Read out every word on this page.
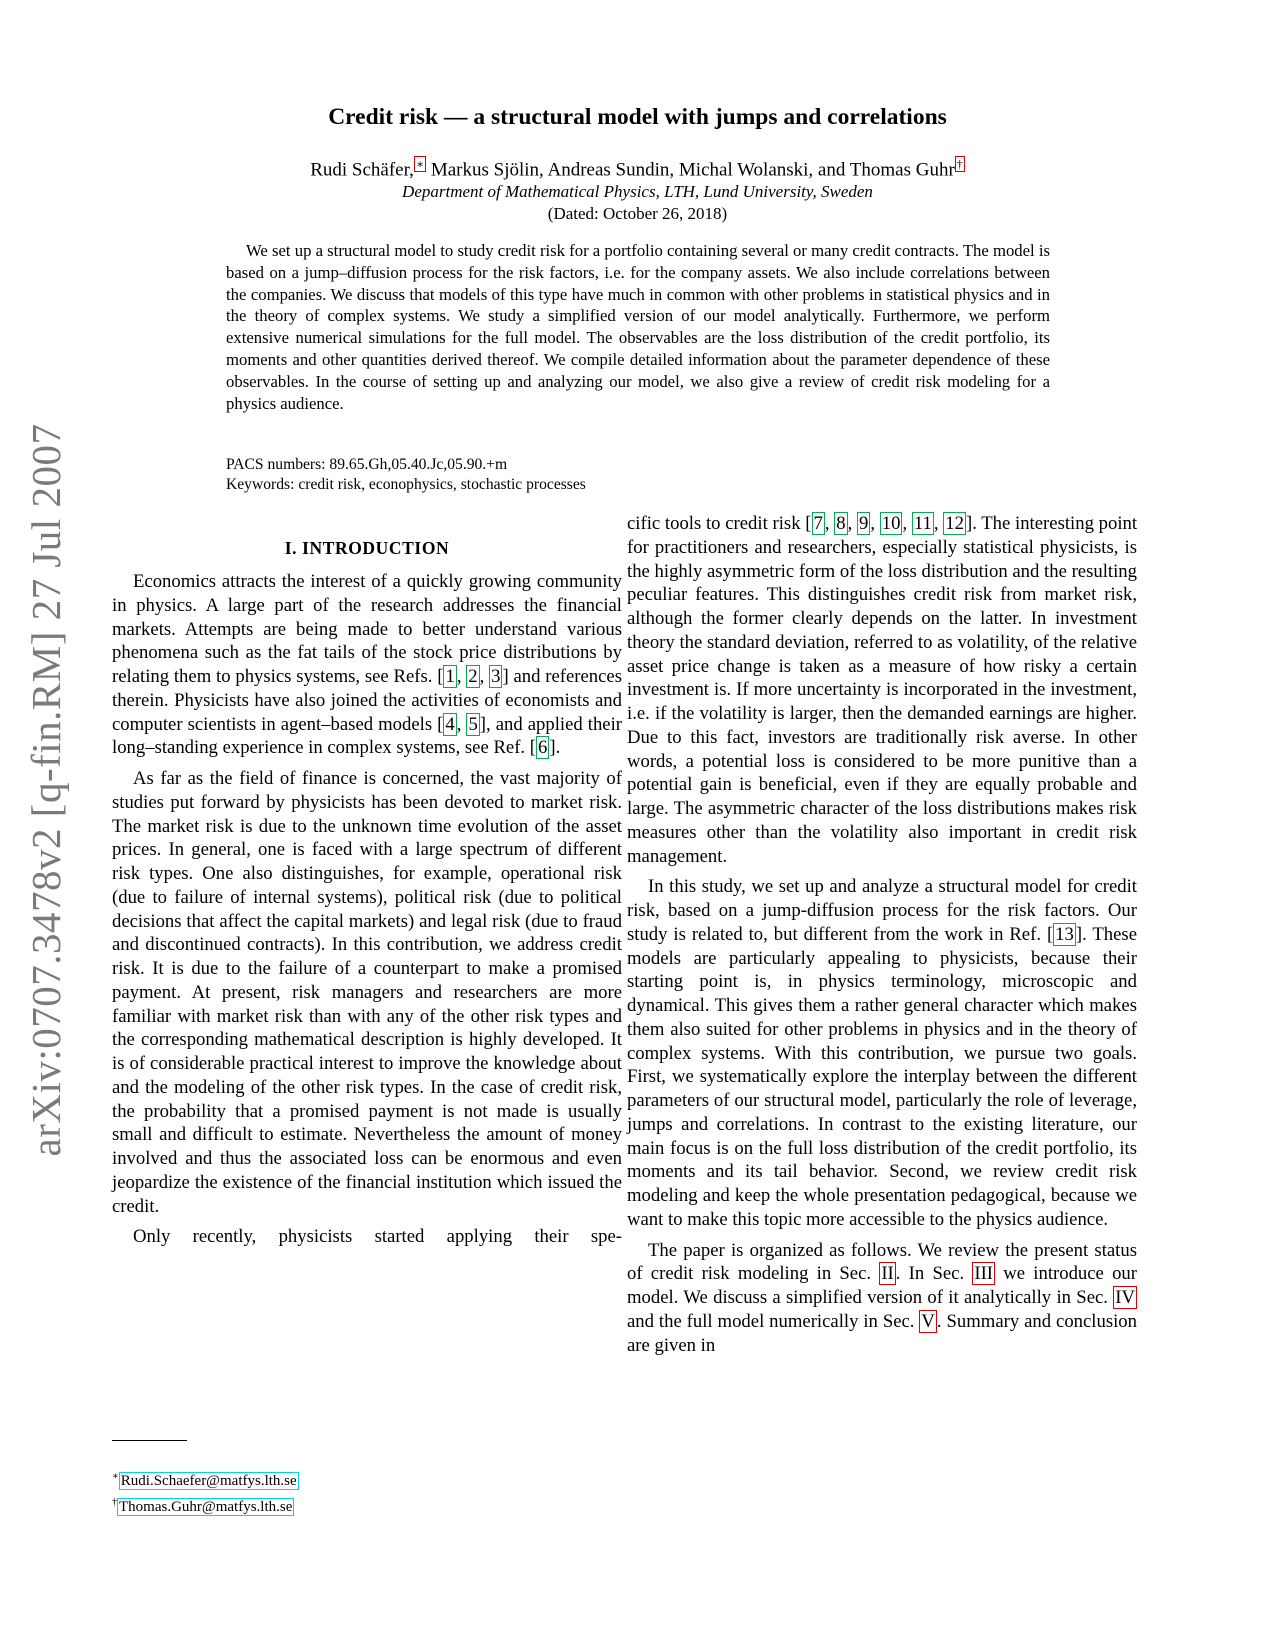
arXiv:0707.3478v2 [q-fin.RM] 27 Jul 2007
Credit risk — a structural model with jumps and correlations
Rudi Schäfer, ∗ Markus Sjölin, Andreas Sundin, Michal Wolanski, and Thomas Guhr †
Department of Mathematical Physics, LTH, Lund University, Sweden
(Dated: October 26, 2018)

We set up a structural model to study credit risk for a portfolio containing several or many credit contracts. The model is based on a jump–diffusion process for the risk factors, i.e. for the company assets. We also include correlations between the companies. We discuss that models of this type have much in common with other problems in statistical physics and in the theory of complex systems. We study a simplified version of our model analytically. Furthermore, we perform extensive numerical simulations for the full model. The observables are the loss distribution of the credit portfolio, its moments and other quantities derived thereof. We compile detailed information about the parameter dependence of these observables. In the course of setting up and analyzing our model, we also give a review of credit risk modeling for a physics audience.

PACS numbers: 89.65.Gh,05.40.Jc,05.90.+m
Keywords: credit risk, econophysics, stochastic processes
I. INTRODUCTION

Economics attracts the interest of a quickly growing community in physics. A large part of the research addresses the financial markets. Attempts are being made to better understand various phenomena such as the fat tails of the stock price distributions by relating them to physics systems, see Refs. [ 1 , 2 , 3 ] and references therein. Physicists have also joined the activities of economists and computer scientists in agent–based models [ 4 , 5 ], and applied their long–standing experience in complex systems, see Ref. [ 6 ].

As far as the field of finance is concerned, the vast majority of studies put forward by physicists has been devoted to market risk. The market risk is due to the unknown time evolution of the asset prices. In general, one is faced with a large spectrum of different risk types. One also distinguishes, for example, operational risk (due to failure of internal systems), political risk (due to political decisions that affect the capital markets) and legal risk (due to fraud and discontinued contracts). In this contribution, we address credit risk. It is due to the failure of a counterpart to make a promised payment. At present, risk managers and researchers are more familiar with market risk than with any of the other risk types and the corresponding mathematical description is highly developed. It is of considerable practical interest to improve the knowledge about and the modeling of the other risk types. In the case of credit risk, the probability that a promised payment is not made is usually small and difficult to estimate. Nevertheless the amount of money involved and thus the associated loss can be enormous and even jeopardize the existence of the financial institution which issued the credit.

Only recently, physicists started applying their spe-

cific tools to credit risk [ 7 , 8 , 9 , 10 , 11 , 12 ]. The interesting point for practitioners and researchers, especially statistical physicists, is the highly asymmetric form of the loss distribution and the resulting peculiar features. This distinguishes credit risk from market risk, although the former clearly depends on the latter. In investment theory the standard deviation, referred to as volatility, of the relative asset price change is taken as a measure of how risky a certain investment is. If more uncertainty is incorporated in the investment, i.e. if the volatility is larger, then the demanded earnings are higher. Due to this fact, investors are traditionally risk averse. In other words, a potential loss is considered to be more punitive than a potential gain is beneficial, even if they are equally probable and large. The asymmetric character of the loss distributions makes risk measures other than the volatility also important in credit risk management.

In this study, we set up and analyze a structural model for credit risk, based on a jump-diffusion process for the risk factors. Our study is related to, but different from the work in Ref. [ 13 ]. These models are particularly appealing to physicists, because their starting point is, in physics terminology, microscopic and dynamical. This gives them a rather general character which makes them also suited for other problems in physics and in the theory of complex systems. With this contribution, we pursue two goals. First, we systematically explore the interplay between the different parameters of our structural model, particularly the role of leverage, jumps and correlations. In contrast to the existing literature, our main focus is on the full loss distribution of the credit portfolio, its moments and its tail behavior. Second, we review credit risk modeling and keep the whole presentation pedagogical, because we want to make this topic more accessible to the physics audience.

The paper is organized as follows. We review the present status of credit risk modeling in Sec. II . In Sec. III we introduce our model. We discuss a simplified version of it analytically in Sec. IV and the full model numerically in Sec. V . Summary and conclusion are given in

∗ Rudi.Schaefer@matfys.lth.se
† Thomas.Guhr@matfys.lth.se
